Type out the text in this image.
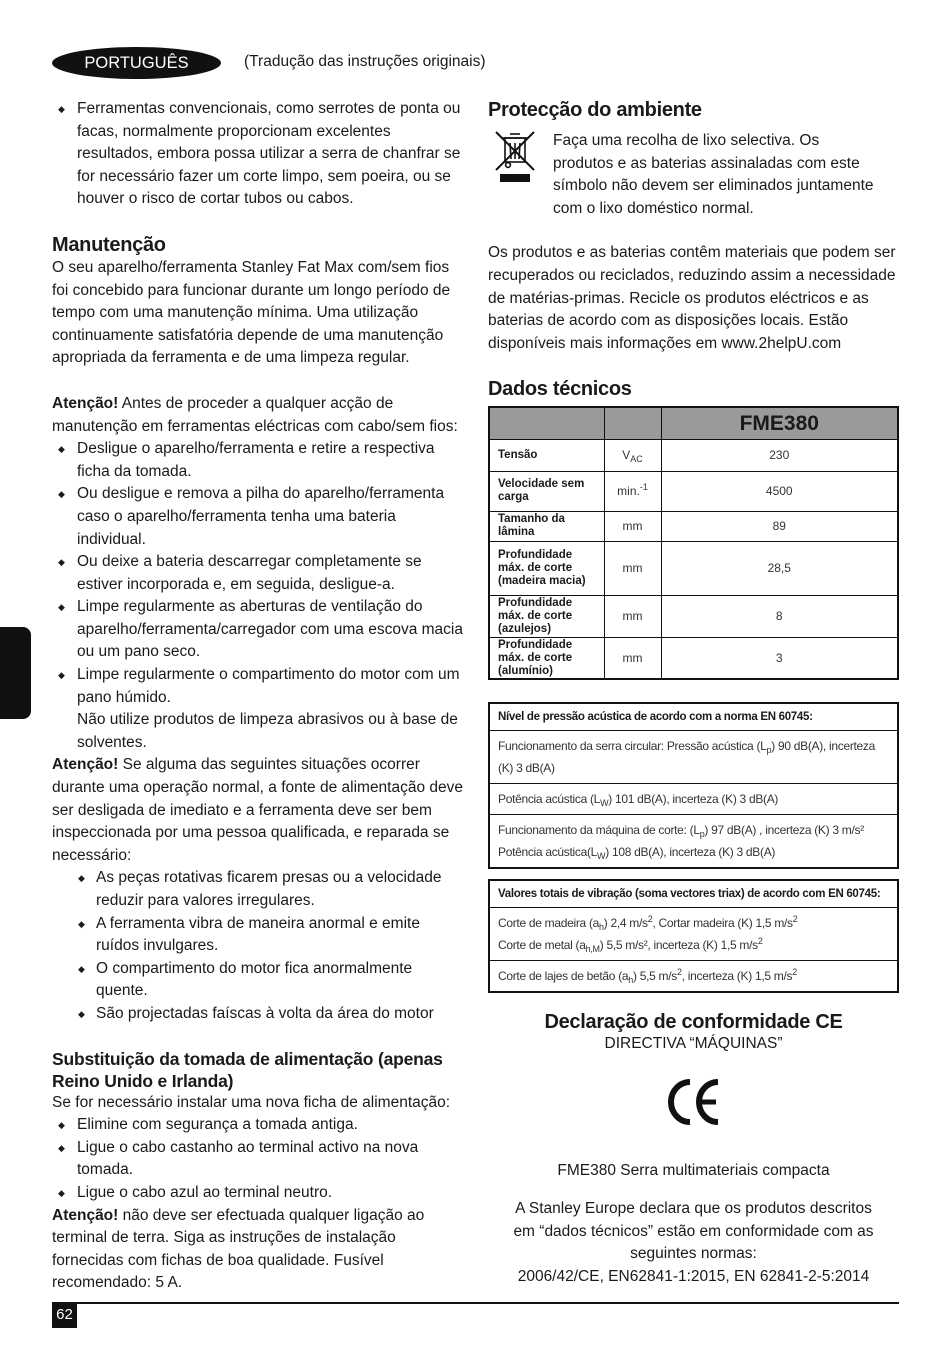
PORTUGUÊS	(Tradução das instruções originais)
◆ Ferramentas convencionais, como serrotes de ponta ou facas, normalmente proporcionam excelentes resultados, embora possa utilizar a serra de chanfrar se for necessário fazer um corte limpo, sem poeira, ou se houver o risco de cortar tubos ou cabos.
Manutenção

O seu aparelho/ferramenta Stanley Fat Max com/sem fios foi concebido para funcionar durante um longo período de tempo com uma manutenção mínima. Uma utilização continuamente satisfatória depende de uma manutenção apropriada da ferramenta e de uma limpeza regular.

Atenção! Antes de proceder a qualquer acção de manutenção em ferramentas eléctricas com cabo/sem fios:

◆ Desligue o aparelho/ferramenta e retire a respectiva ficha da tomada.
◆ Ou desligue e remova a pilha do aparelho/ferramenta caso o aparelho/ferramenta tenha uma bateria individual.
◆ Ou deixe a bateria descarregar completamente se estiver incorporada e, em seguida, desligue-a.
◆ Limpe regularmente as aberturas de ventilação do aparelho/ferramenta/carregador com uma escova macia ou um pano seco.
◆ Limpe regularmente o compartimento do motor com um pano húmido.

Não utilize produtos de limpeza abrasivos ou à base de solventes.

Atenção! Se alguma das seguintes situações ocorrer durante uma operação normal, a fonte de alimentação deve ser desligada de imediato e a ferramenta deve ser bem inspeccionada por uma pessoa qualificada, e reparada se necessário:

◆ As peças rotativas ficarem presas ou a velocidade reduzir para valores irregulares.
◆ A ferramenta vibra de maneira anormal e emite ruídos invulgares.
◆ O compartimento do motor fica anormalmente quente.
◆ São projectadas faíscas à volta da área do motor
Substituição da tomada de alimentação (apenas Reino Unido e Irlanda)

Se for necessário instalar uma nova ficha de alimentação:

◆ Elimine com segurança a tomada antiga.
◆ Ligue o cabo castanho ao terminal activo na nova tomada.
◆ Ligue o cabo azul ao terminal neutro.

Atenção! não deve ser efectuada qualquer ligação ao terminal de terra. Siga as instruções de instalação fornecidas com fichas de boa qualidade. Fusível recomendado: 5 A.

Protecção do ambiente

Faça uma recolha de lixo selectiva. Os produtos e as baterias assinaladas com este símbolo não devem ser eliminados juntamente com o lixo doméstico normal.

Os produtos e as baterias contêm materiais que podem ser recuperados ou reciclados, reduzindo assim a necessidade de matérias-primas. Recicle os produtos eléctricos e as baterias de acordo com as disposições locais. Estão disponíveis mais informações em www.2helpU.com

Dados técnicos
		FME380
Tensão	$V_{AC}$	230
Velocidade sem carga	min.$^{-1}$	4500
Tamanho da lâmina	mm	89
Profundidade máx. de corte (madeira macia)	mm	28,5
Profundidade máx. de corte (azulejos)	mm	8
Profundidade máx. de corte (alumínio)	mm	3
Nível de pressão acústica de acordo com a norma EN 60745:
Funcionamento da serra circular: Pressão acústica $(L_p)$ 90 dB(A), incerteza (K) 3 dB(A)
Potência acústica $(L_W)$ 101 dB(A), incerteza (K) 3 dB(A)
Funcionamento da máquina de corte: $(L_p)$ 97 dB(A) , incerteza (K) 3 m/s²
Potência $acústica(L_W)$ 108 dB(A), incerteza (K) 3 dB(A)
Valores totais de vibração (soma vectores triax) de acordo com EN 60745:
Corte de madeira $(a_h)$ 2,4 $m/s^2$, Cortar madeira (K) 1,5 $m/s^2$
Corte de metal $(a_{h,M})$ 5,5 m/s², incerteza (K) 1,5 $m/s^2$
Corte de lajes de betão $(a_h)$ 5,5 $m/s^2$, incerteza (K) 1,5 $m/s^2$
Declaração de conformidade CE

DIRECTIVA “MÁQUINAS”

FME380 Serra multimateriais compacta

A Stanley Europe declara que os produtos descritos em “dados técnicos” estão em conformidade com as seguintes normas:

2006/42/CE, EN62841-1:2015, EN 62841-2-5:2014

62
